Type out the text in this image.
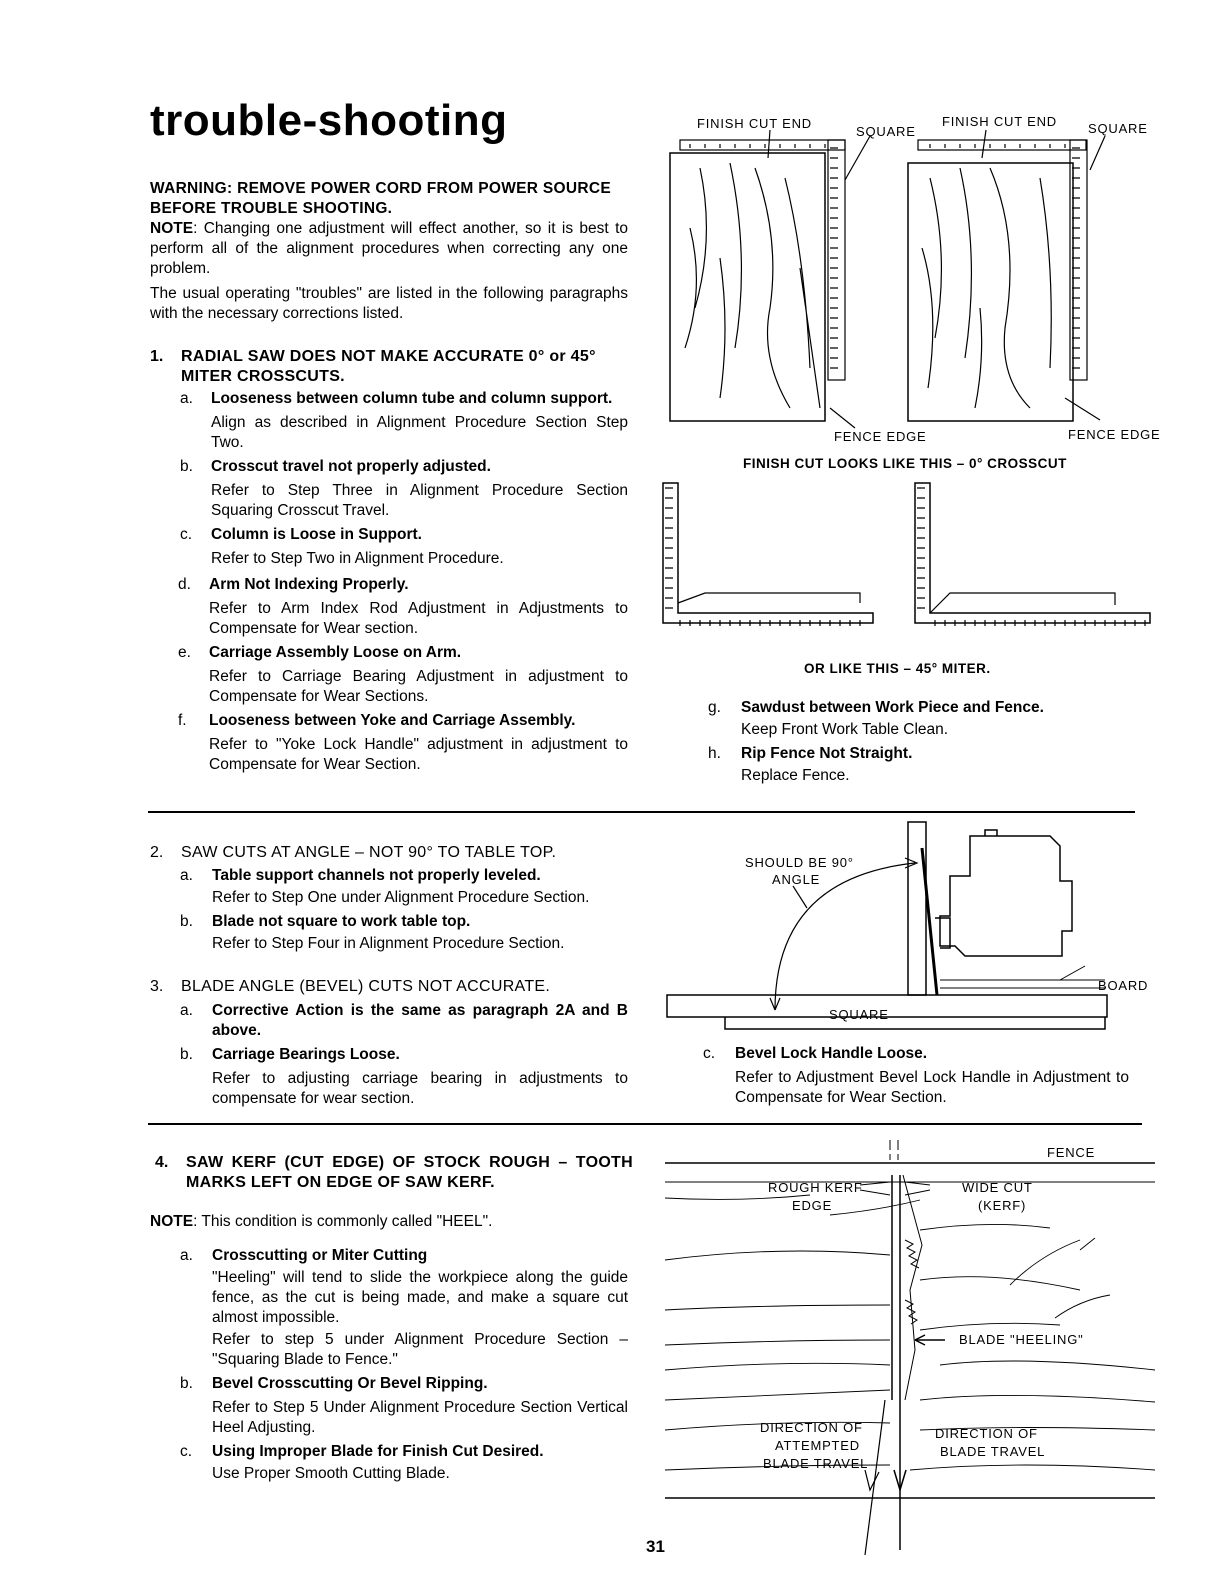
trouble-shooting
WARNING: REMOVE POWER CORD FROM POWER SOURCE BEFORE TROUBLE SHOOTING.
NOTE: Changing one adjustment will effect another, so it is best to perform all of the alignment procedures when correcting any one problem.
The usual operating "troubles" are listed in the following paragraphs with the necessary corrections listed.
1. RADIAL SAW DOES NOT MAKE ACCURATE 0° or 45° MITER CROSSCUTS.
a. Looseness between column tube and column support.
Align as described in Alignment Procedure Section Step Two.
b. Crosscut travel not properly adjusted.
Refer to Step Three in Alignment Procedure Section Squaring Crosscut Travel.
c. Column is Loose in Support.
Refer to Step Two in Alignment Procedure.
d. Arm Not Indexing Properly.
Refer to Arm Index Rod Adjustment in Adjustments to Compensate for Wear section.
e. Carriage Assembly Loose on Arm.
Refer to Carriage Bearing Adjustment in adjustment to Compensate for Wear Sections.
f. Looseness between Yoke and Carriage Assembly.
Refer to "Yoke Lock Handle" adjustment in adjustment to Compensate for Wear Section.
g. Sawdust between Work Piece and Fence.
Keep Front Work Table Clean.
h. Rip Fence Not Straight.
Replace Fence.
FINISH CUT END
SQUARE
FINISH CUT END SQUARE
FENCE EDGE	FENCE EDGE
FINISH CUT LOOKS LIKE THIS – 0° CROSSCUT
OR LIKE THIS – 45° MITER.
2. SAW CUTS AT ANGLE – NOT 90° TO TABLE TOP.
a. Table support channels not properly leveled.
Refer to Step One under Alignment Procedure Section.
b. Blade not square to work table top.
Refer to Step Four in Alignment Procedure Section.
3. BLADE ANGLE (BEVEL) CUTS NOT ACCURATE.
a. Corrective Action is the same as paragraph 2A and B above.
b. Carriage Bearings Loose.
Refer to adjusting carriage bearing in adjustments to compensate for wear section.
SHOULD BE 90°
ANGLE
BOARD
SQUARE
c. Bevel Lock Handle Loose.
Refer to Adjustment Bevel Lock Handle in Adjustment to Compensate for Wear Section.
4. SAW KERF (CUT EDGE) OF STOCK ROUGH – TOOTH MARKS LEFT ON EDGE OF SAW KERF.
NOTE: This condition is commonly called "HEEL".
a. Crosscutting or Miter Cutting
"Heeling" will tend to slide the workpiece along the guide fence, as the cut is being made, and make a square cut almost impossible.
Refer to step 5 under Alignment Procedure Section – "Squaring Blade to Fence."
b. Bevel Crosscutting Or Bevel Ripping.
Refer to Step 5 Under Alignment Procedure Section Vertical Heel Adjusting.
c. Using Improper Blade for Finish Cut Desired.
Use Proper Smooth Cutting Blade.
FENCE
ROUGH KERF
EDGE
WIDE CUT
(KERF)
BLADE "HEELING"
DIRECTION OF
ATTEMPTED
BLADE TRAVEL
DIRECTION OF
BLADE TRAVEL
31
